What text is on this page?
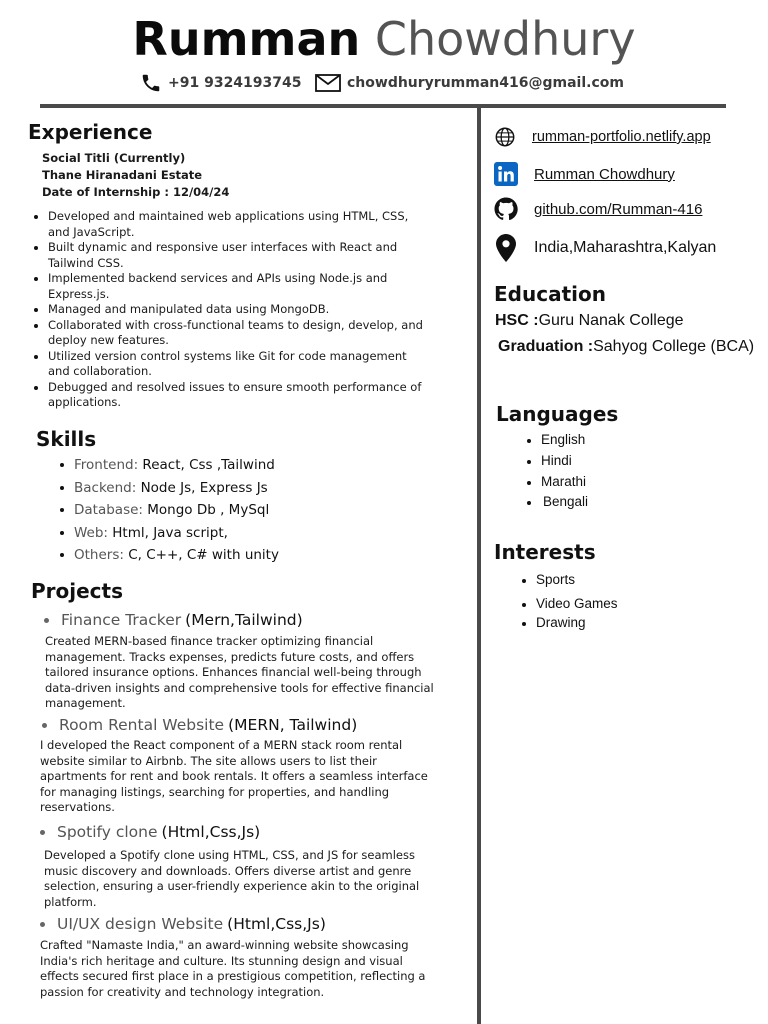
Rumman Chowdhury
+91 9324193745	chowdhuryrumman416@gmail.com
Experience
Social Titli (Currently)
Thane Hiranadani Estate
Date of Internship : 12/04/24
Developed and maintained web applications using HTML, CSS, and JavaScript.
Built dynamic and responsive user interfaces with React and Tailwind CSS.
Implemented backend services and APIs using Node.js and Express.js.
Managed and manipulated data using MongoDB.
Collaborated with cross-functional teams to design, develop, and deploy new features.
Utilized version control systems like Git for code management and collaboration.
Debugged and resolved issues to ensure smooth performance of applications.
Skills
Frontend: React, Css ,Tailwind
Backend: Node Js, Express Js
Database: Mongo Db , MySql
Web: Html, Java script,
Others: C, C++, C# with unity
Projects
Finance Tracker (Mern,Tailwind)
Created MERN-based finance tracker optimizing financial management. Tracks expenses, predicts future costs, and offers tailored insurance options. Enhances financial well-being through data-driven insights and comprehensive tools for effective financial management.
Room Rental Website (MERN, Tailwind)
I developed the React component of a MERN stack room rental website similar to Airbnb. The site allows users to list their apartments for rent and book rentals. It offers a seamless interface for managing listings, searching for properties, and handling reservations.
Spotify clone (Html,Css,Js)
Developed a Spotify clone using HTML, CSS, and JS for seamless music discovery and downloads. Offers diverse artist and genre selection, ensuring a user-friendly experience akin to the original platform.
UI/UX design Website (Html,Css,Js)
Crafted "Namaste India," an award-winning website showcasing India's rich heritage and culture. Its stunning design and visual effects secured first place in a prestigious competition, reflecting a passion for creativity and technology integration.
rumman-portfolio.netlify.app
Rumman Chowdhury
github.com/Rumman-416
India,Maharashtra,Kalyan
Education
HSC :Guru Nanak College
Graduation :Sahyog College (BCA)
Languages
English
Hindi
Marathi
Bengali
Interests
Sports
Video Games
Drawing
